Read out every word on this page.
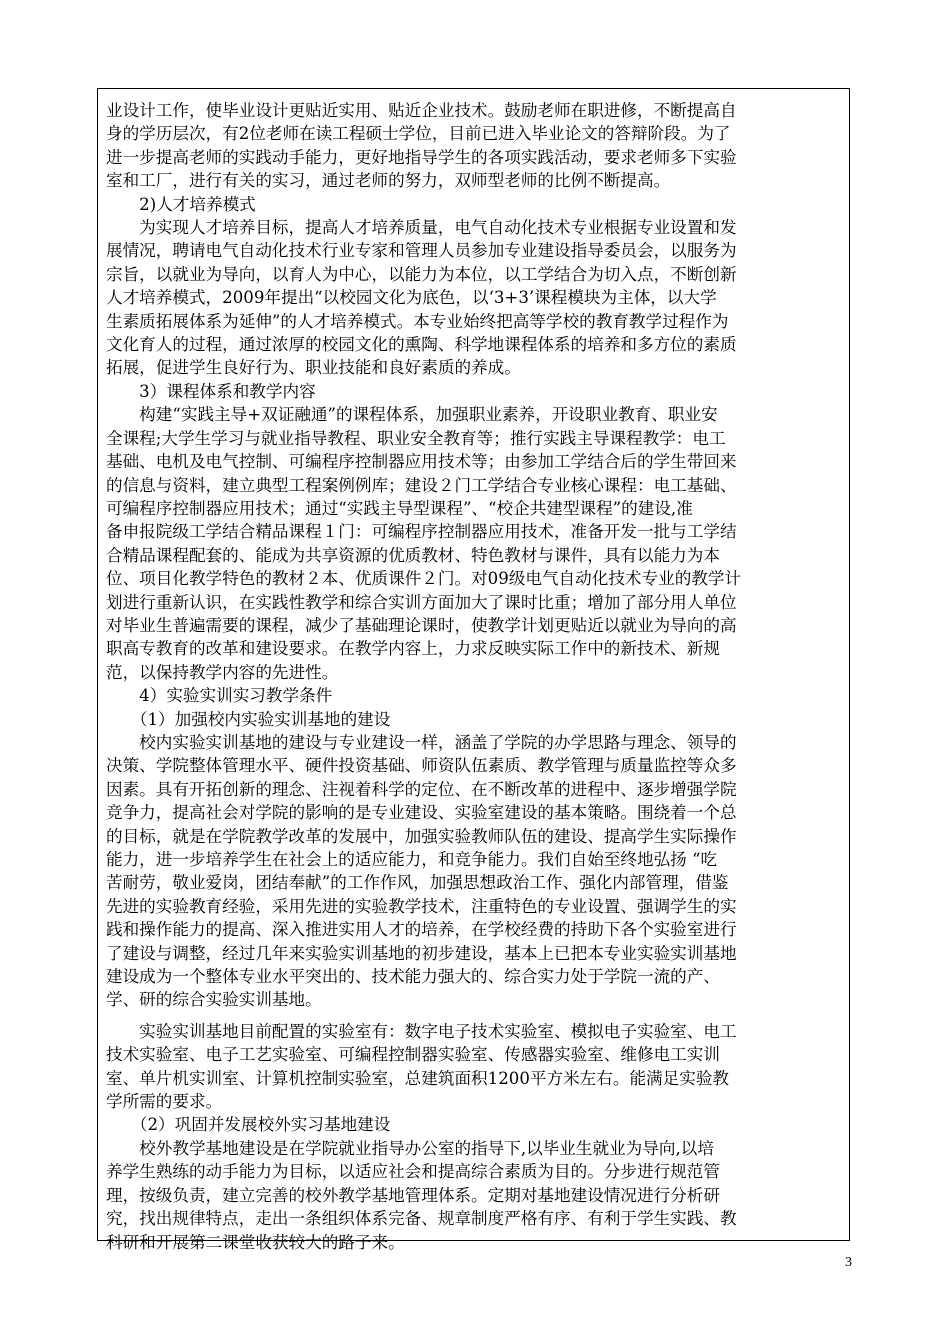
业设计工作，使毕业设计更贴近实用、贴近企业技术。鼓励老师在职进修，不断提高自

身的学历层次，有2位老师在读工程硕士学位，目前已进入毕业论文的答辩阶段。为了

进一步提高老师的实践动手能力，更好地指导学生的各项实践活动，要求老师多下实验

室和工厂，进行有关的实习，通过老师的努力，双师型老师的比例不断提高。

　　2)人才培养模式

　　为实现人才培养目标，提高人才培养质量，电气自动化技术专业根据专业设置和发

展情况，聘请电气自动化技术行业专家和管理人员参加专业建设指导委员会，以服务为

宗旨，以就业为导向，以育人为中心，以能力为本位，以工学结合为切入点，不断创新

人才培养模式，2009年提出“以校园文化为底色，以‘3+3’课程模块为主体，以大学

生素质拓展体系为延伸”的人才培养模式。本专业始终把高等学校的教育教学过程作为

文化育人的过程，通过浓厚的校园文化的熏陶、科学地课程体系的培养和多方位的素质

拓展，促进学生良好行为、职业技能和良好素质的养成。

　　3）课程体系和教学内容

　　构建“实践主导+双证融通”的课程体系，加强职业素养，开设职业教育、职业安

全课程;大学生学习与就业指导教程、职业安全教育等；推行实践主导课程教学：电工

基础、电机及电气控制、可编程序控制器应用技术等；由参加工学结合后的学生带回来

的信息与资料，建立典型工程案例例库；建设２门工学结合专业核心课程：电工基础、

可编程序控制器应用技术；通过“实践主导型课程”、“校企共建型课程”的建设,准

备申报院级工学结合精品课程１门：可编程序控制器应用技术，准备开发一批与工学结

合精品课程配套的、能成为共享资源的优质教材、特色教材与课件，具有以能力为本

位、项目化教学特色的教材２本、优质课件２门。对09级电气自动化技术专业的教学计

划进行重新认识，在实践性教学和综合实训方面加大了课时比重；增加了部分用人单位

对毕业生普遍需要的课程，减少了基础理论课时，使教学计划更贴近以就业为导向的高

职高专教育的改革和建设要求。在教学内容上，力求反映实际工作中的新技术、新规

范，以保持教学内容的先进性。

　　4）实验实训实习教学条件

　　（1）加强校内实验实训基地的建设

　　校内实验实训基地的建设与专业建设一样，涵盖了学院的办学思路与理念、领导的

决策、学院整体管理水平、硬件投资基础、师资队伍素质、教学管理与质量监控等众多

因素。具有开拓创新的理念、注视着科学的定位、在不断改革的进程中、逐步增强学院

竞争力，提高社会对学院的影响的是专业建设、实验室建设的基本策略。围绕着一个总

的目标，就是在学院教学改革的发展中，加强实验教师队伍的建设、提高学生实际操作

能力，进一步培养学生在社会上的适应能力，和竞争能力。我们自始至终地弘扬 “吃

苦耐劳，敬业爱岗，团结奉献”的工作作风，加强思想政治工作、强化内部管理，借鉴

先进的实验教育经验，采用先进的实验教学技术，注重特色的专业设置、强调学生的实

践和操作能力的提高、深入推进实用人才的培养，在学校经费的持助下各个实验室进行

了建设与调整，经过几年来实验实训基地的初步建设，基本上已把本专业实验实训基地

建设成为一个整体专业水平突出的、技术能力强大的、综合实力处于学院一流的产、

学、研的综合实验实训基地。

　　实验实训基地目前配置的实验室有：数字电子技术实验室、模拟电子实验室、电工

技术实验室、电子工艺实验室、可编程控制器实验室、传感器实验室、维修电工实训

室、单片机实训室、计算机控制实验室，总建筑面积1200平方米左右。能满足实验教

学所需的要求。

　　（2）巩固并发展校外实习基地建设

　　校外教学基地建设是在学院就业指导办公室的指导下,以毕业生就业为导向,以培

养学生熟练的动手能力为目标，以适应社会和提高综合素质为目的。分步进行规范管

理，按级负责，建立完善的校外教学基地管理体系。定期对基地建设情况进行分析研

究，找出规律特点，走出一条组织体系完备、规章制度严格有序、有利于学生实践、教

科研和开展第二课堂收获较大的路子来。

3
